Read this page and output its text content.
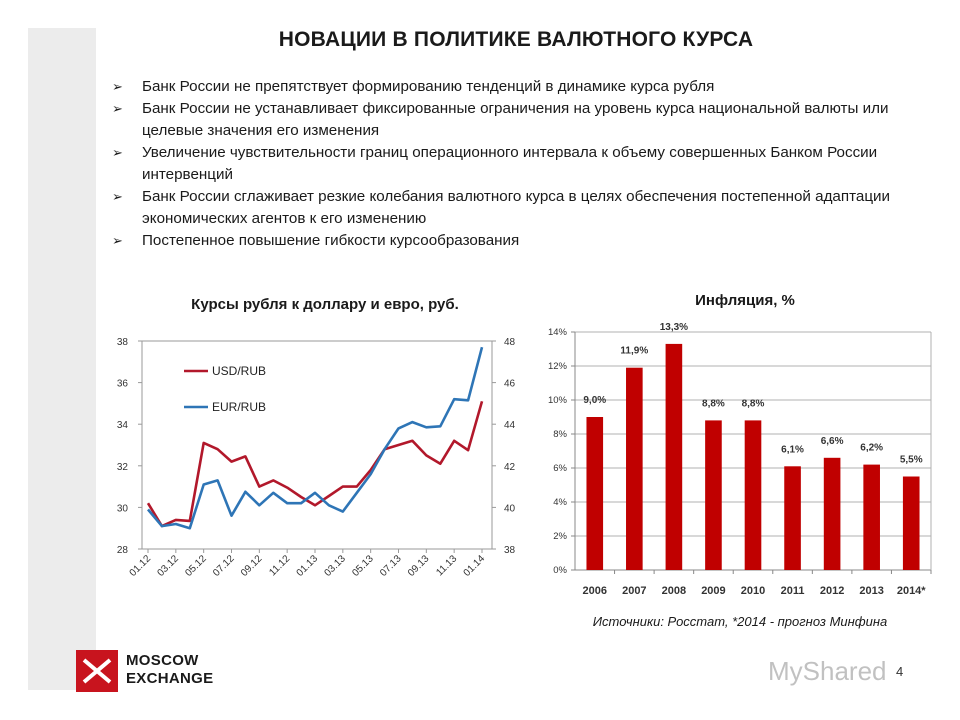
НОВАЦИИ В ПОЛИТИКЕ ВАЛЮТНОГО КУРСА
➢ Банк России не препятствует формированию тенденций в динамике курса рубля
➢ Банк России не устанавливает фиксированные ограничения на уровень курса национальной валюты или целевые значения его изменения
➢ Увеличение чувствительности границ операционного интервала к объему совершенных Банком России интервенций
➢ Банк России сглаживает резкие колебания валютного курса в целях обеспечения постепенной адаптации экономических агентов к его изменению
➢ Постепенное повышение гибкости курсообразования
Курсы рубля к доллару и евро, руб.	Инфляция, %
28
30
32
34
36
38
38
40
42
44
46
48
01.12 03.12 05.12 07.12 09.12 11.12 01.13 03.13 05.13 07.13 09.13 11.13 01.14
USD/RUB
EUR/RUB
0%
2%
4%
6%
8%
10%
12%
14%
9,0%
2006
11,9%
2007
13,3%
2008
8,8%
2009
8,8%
2010
6,1%
2011
6,6%
2012
6,2%
2013
5,5%
2014*
Источники: Росстат, *2014 - прогноз Минфина
MOSCOW
EXCHANGE	MyShared 4
